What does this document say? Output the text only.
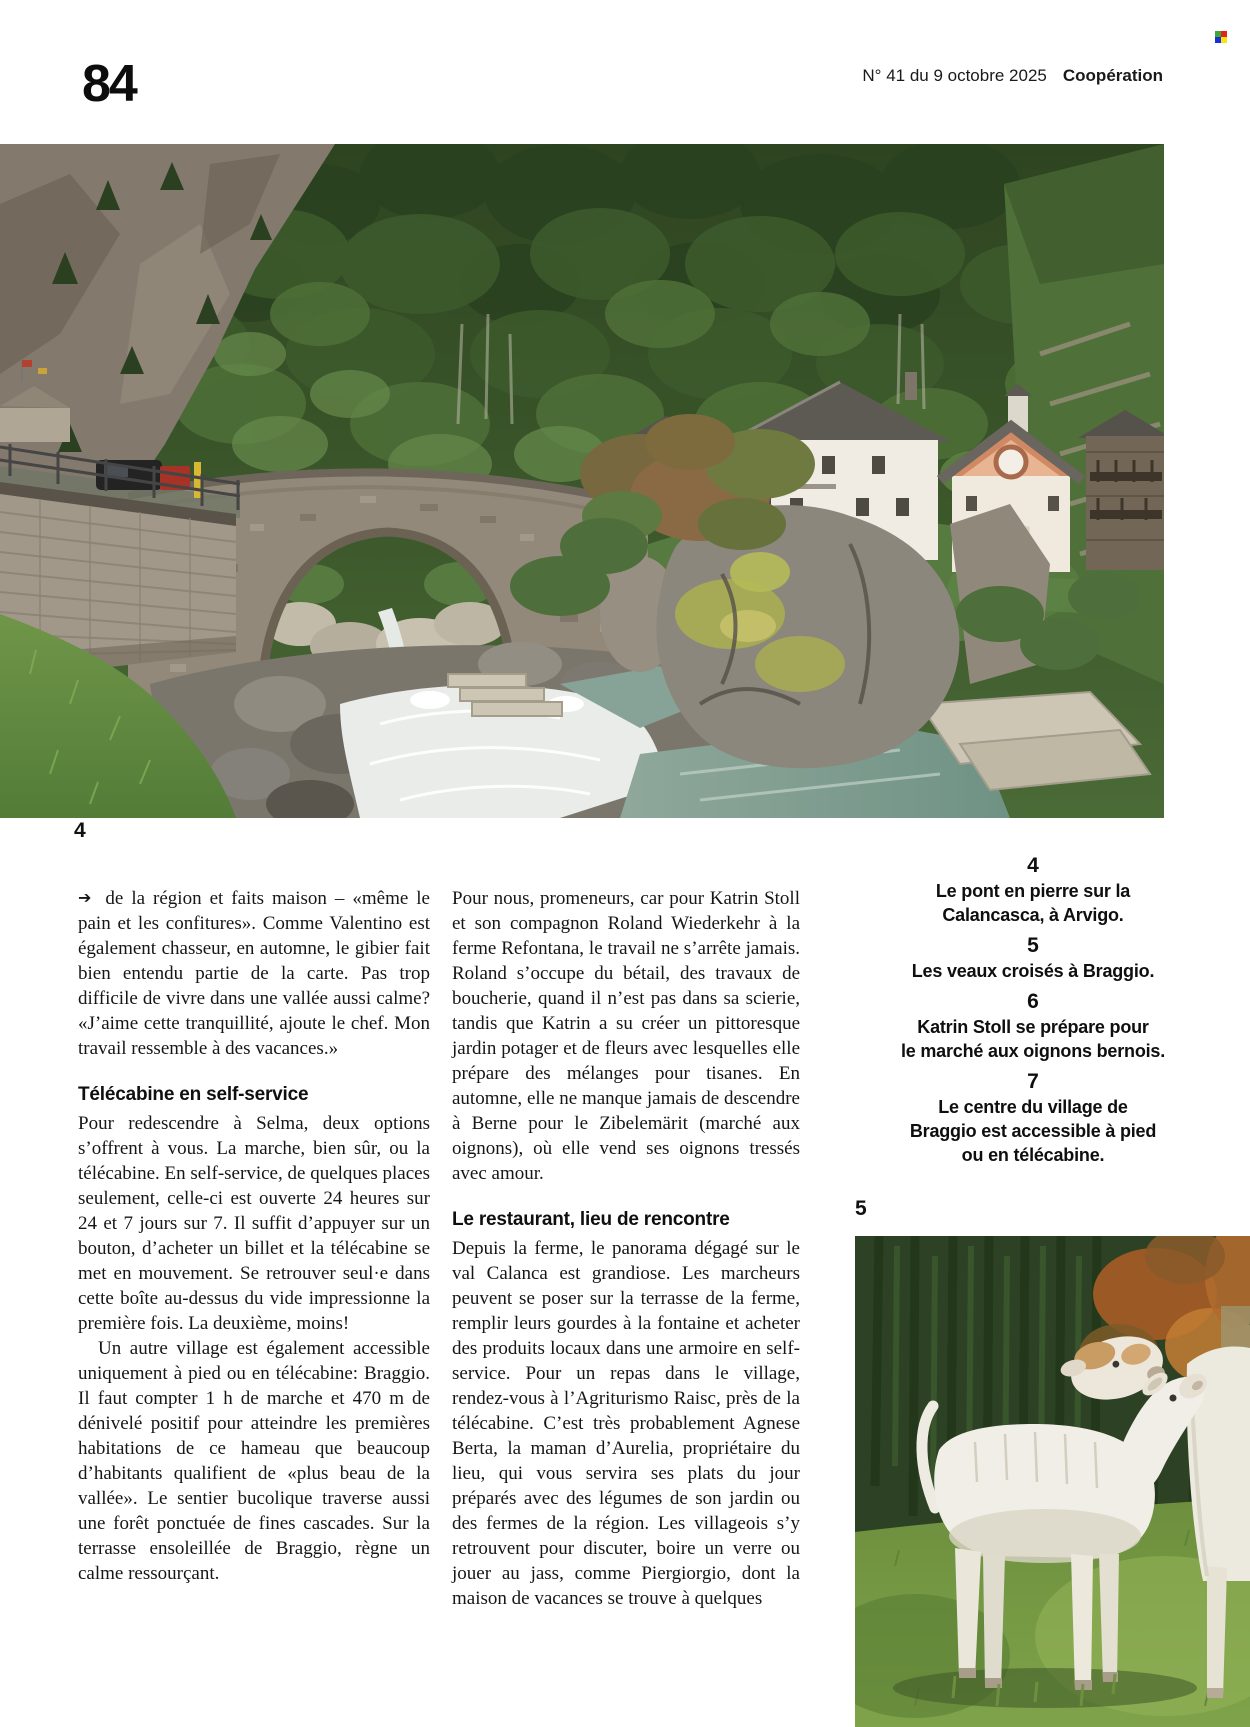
84	N° 41 du 9 octobre 2025 Coopération
4

➔ de la région et faits maison – «même le pain et les confitures». Comme Valentino est également chasseur, en automne, le gibier fait bien entendu partie de la carte. Pas trop difficile de vivre dans une vallée aussi calme? «J’aime cette tranquillité, ajoute le chef. Mon travail ressemble à des vacances.»

Télécabine en self-service

Pour redescendre à Selma, deux options s’offrent à vous. La marche, bien sûr, ou la télécabine. En self-service, de quelques places seulement, celle-ci est ouverte 24 heures sur 24 et 7 jours sur 7. Il suffit d’appuyer sur un bouton, d’acheter un billet et la télécabine se met en mouvement. Se retrouver seul·e dans cette boîte au-dessus du vide impressionne la première fois. La deuxième, moins!

Un autre village est également accessible uniquement à pied ou en télécabine: Braggio. Il faut compter 1 h de marche et 470 m de dénivelé positif pour atteindre les premières habitations de ce hameau que beaucoup d’habitants qualifient de «plus beau de la vallée». Le sentier bucolique traverse aussi une forêt ponctuée de fines cascades. Sur la terrasse ensoleillée de Braggio, règne un calme ressourçant.

Pour nous, promeneurs, car pour Katrin Stoll et son compagnon Roland Wiederkehr à la ferme Refontana, le travail ne s’arrête jamais. Roland s’occupe du bétail, des travaux de boucherie, quand il n’est pas dans sa scierie, tandis que Katrin a su créer un pittoresque jardin potager et de fleurs avec lesquelles elle prépare des mélanges pour tisanes. En automne, elle ne manque jamais de descendre à Berne pour le Zibelemärit (marché aux oignons), où elle vend ses oignons tressés avec amour.

Le restaurant, lieu de rencontre

Depuis la ferme, le panorama dégagé sur le val Calanca est grandiose. Les marcheurs peuvent se poser sur la terrasse de la ferme, remplir leurs gourdes à la fontaine et acheter des produits locaux dans une armoire en self-service. Pour un repas dans le village, rendez-vous à l’Agriturismo Raisc, près de la télécabine. C’est très probablement Agnese Berta, la maman d’Aurelia, propriétaire du lieu, qui vous servira ses plats du jour préparés avec des légumes de son jardin ou des fermes de la région. Les villageois s’y retrouvent pour discuter, boire un verre ou jouer au jass, comme Piergiorgio, dont la maison de vacances se trouve à quelques

4
Le pont en pierre sur la
Calancasca, à Arvigo.
5
Les veaux croisés à Braggio.
6
Katrin Stoll se prépare pour
le marché aux oignons bernois.
7
Le centre du village de
Braggio est accessible à pied
ou en télécabine.
5
